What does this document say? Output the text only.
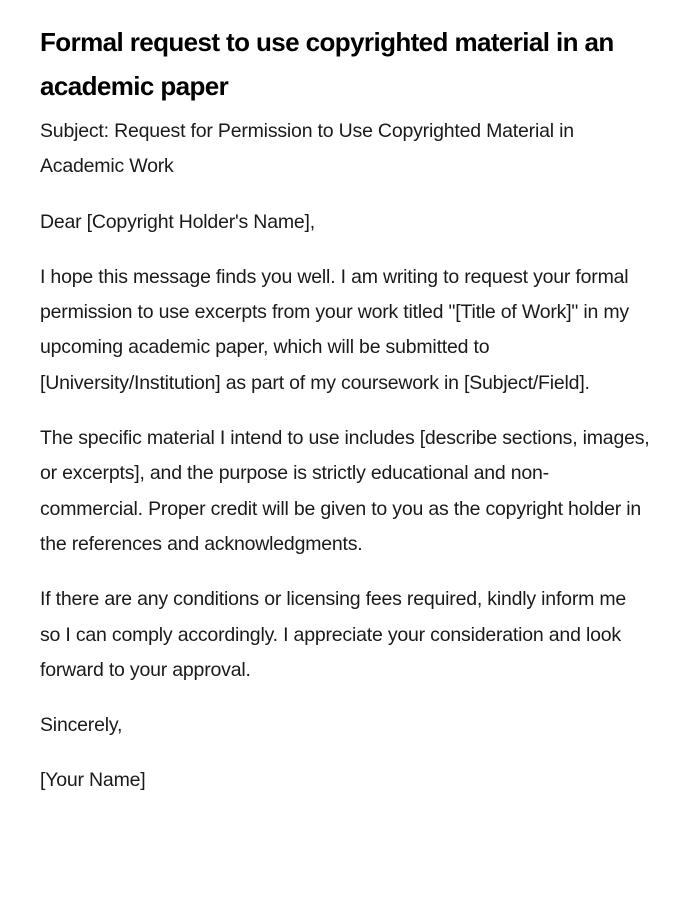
Formal request to use copyrighted material in an academic paper

Subject: Request for Permission to Use Copyrighted Material in Academic Work

Dear [Copyright Holder's Name],

I hope this message finds you well. I am writing to request your formal permission to use excerpts from your work titled "[Title of Work]" in my upcoming academic paper, which will be submitted to [University/Institution] as part of my coursework in [Subject/Field].

The specific material I intend to use includes [describe sections, images, or excerpts], and the purpose is strictly educational and non-commercial. Proper credit will be given to you as the copyright holder in the references and acknowledgments.

If there are any conditions or licensing fees required, kindly inform me so I can comply accordingly. I appreciate your consideration and look forward to your approval.

Sincerely,

[Your Name]
